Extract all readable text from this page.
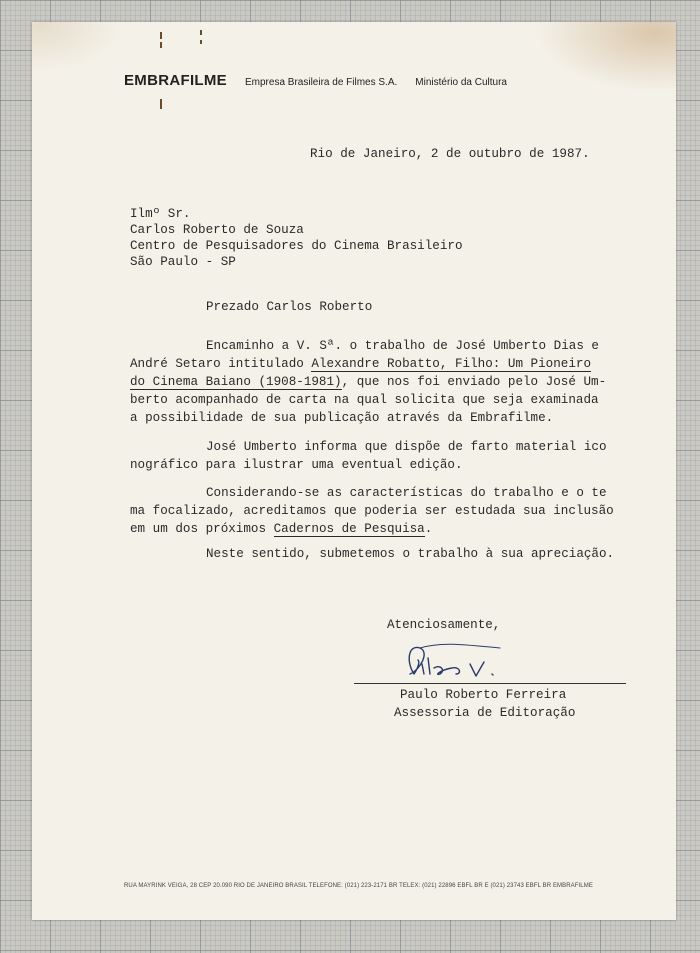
EMBRAFILME Empresa Brasileira de Filmes S.A. Ministério da Cultura
Rio de Janeiro, 2 de outubro de 1987.
Ilmº Sr.
Carlos Roberto de Souza
Centro de Pesquisadores do Cinema Brasileiro
São Paulo - SP
Prezado Carlos Roberto
Encaminho a V. Sª. o trabalho de José Umberto Dias e
André Setaro intitulado Alexandre Robatto, Filho: Um Pioneiro
do Cinema Baiano (1908-1981), que nos foi enviado pelo José Um-
berto acompanhado de carta na qual solicita que seja examinada
a possibilidade de sua publicação através da Embrafilme.
José Umberto informa que dispõe de farto material ico
nográfico para ilustrar uma eventual edição.
Considerando-se as características do trabalho e o te
ma focalizado, acreditamos que poderia ser estudada sua inclusão
em um dos próximos Cadernos de Pesquisa.
Neste sentido, submetemos o trabalho à sua apreciação.
Atenciosamente,
Paulo Roberto Ferreira
Assessoria de Editoração
RUA MAYRINK VEIGA, 28 CEP 20.090 RIO DE JANEIRO BRASIL TELEFONE: (021) 223-2171 BR TELEX: (021) 22896 EBFL BR E (021) 23743 EBFL BR EMBRAFILME
